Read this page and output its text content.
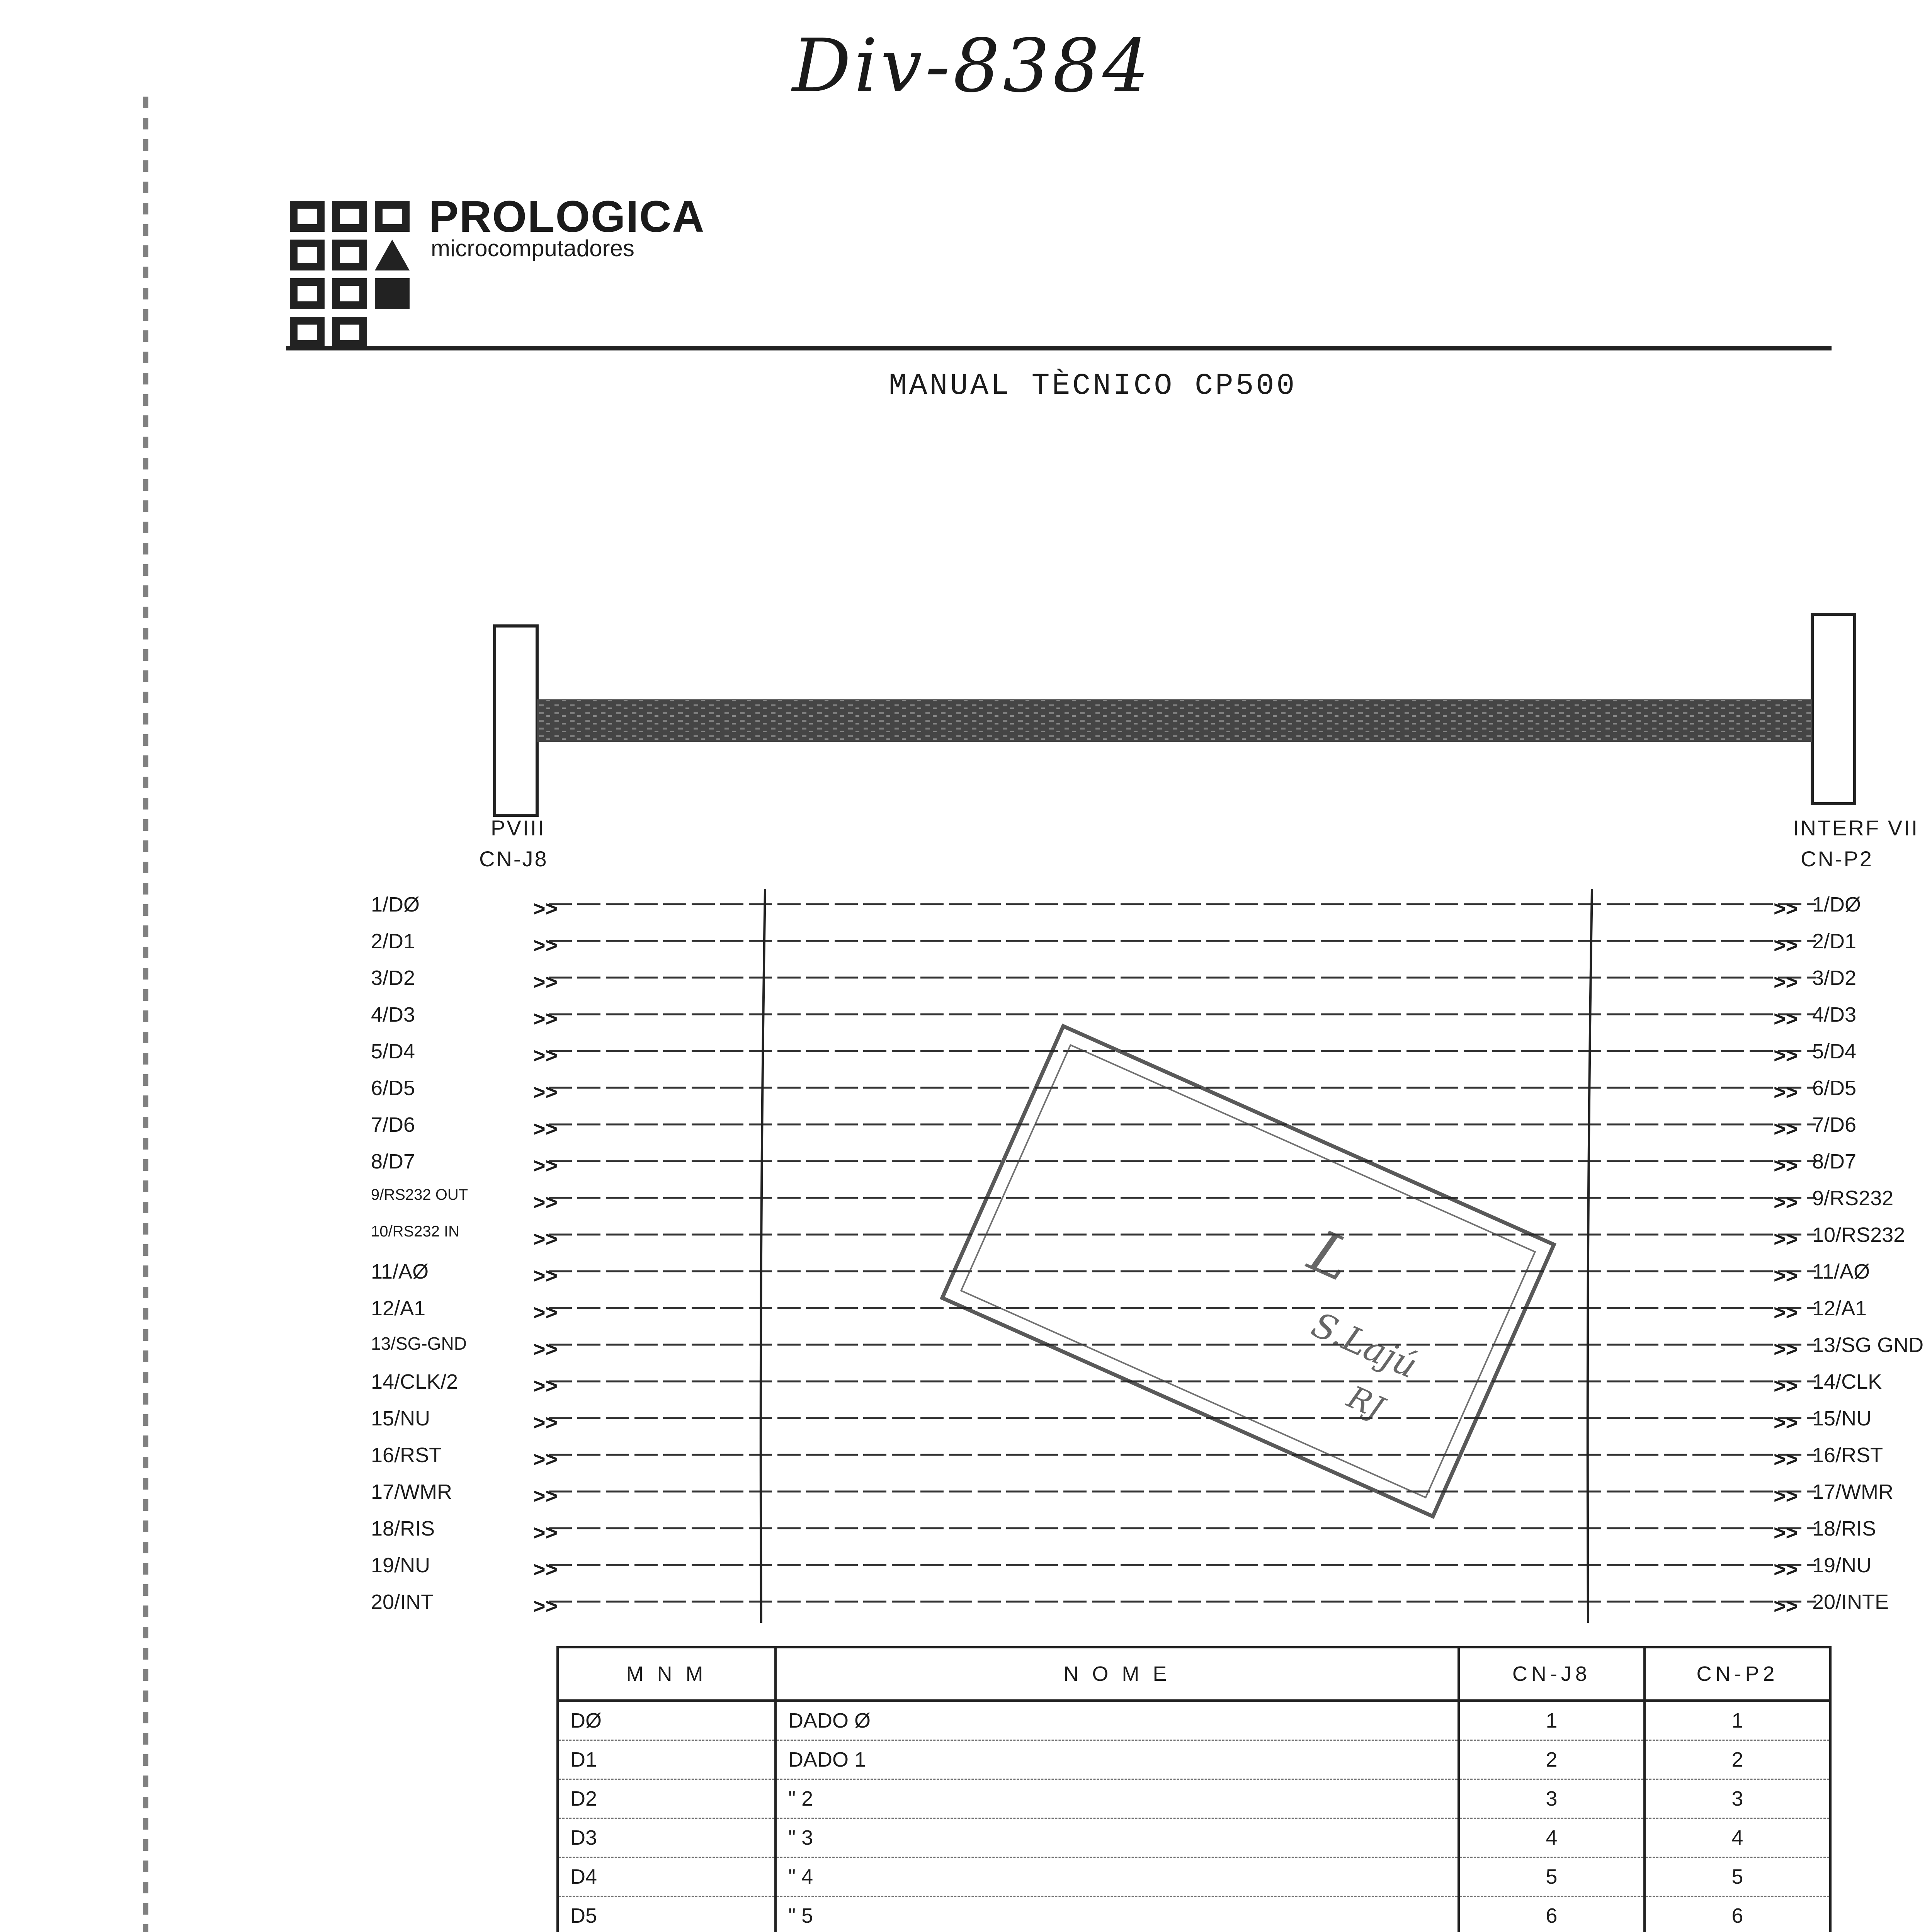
Div-8384
PROLOGICA
microcomputadores
MANUAL TÈCNICO CP500
PVIII
CN-J8
INTERF VII
CN-P2
1/DØ
2/D1
3/D2
4/D3
5/D4
6/D5
7/D6
8/D7
9/RS232 OUT
10/RS232 IN
11/AØ
12/A1
13/SG-GND
14/CLK/2
15/NU
16/RST
17/WMR
18/RIS
19/NU
20/INT
>>
>>
>>
>>
>>
>>
>>
>>
>>
>>
>>
>>
>>
>>
>>
>>
>>
>>
>>
>>
>>
>>
>>
>>
>>
>>
>>
>>
>>
>>
>>
>>
>>
>>
>>
>>
>>
>>
>>
>>
1/DØ
2/D1
3/D2
4/D3
5/D4
6/D5
7/D6
8/D7
9/RS232
10/RS232
11/AØ
12/A1
13/SG GND
14/CLK
15/NU
16/RST
17/WMR
18/RIS
19/NU
20/INTE
L
S.Lajú
RJ
M N M	N O M E	CN-J8	CN-P2
DØ	DADO Ø	1	1
D1	DADO 1	2	2
D2	" 2	3	3
D3	" 3	4	4
D4	" 4	5	5
D5	" 5	6	6
